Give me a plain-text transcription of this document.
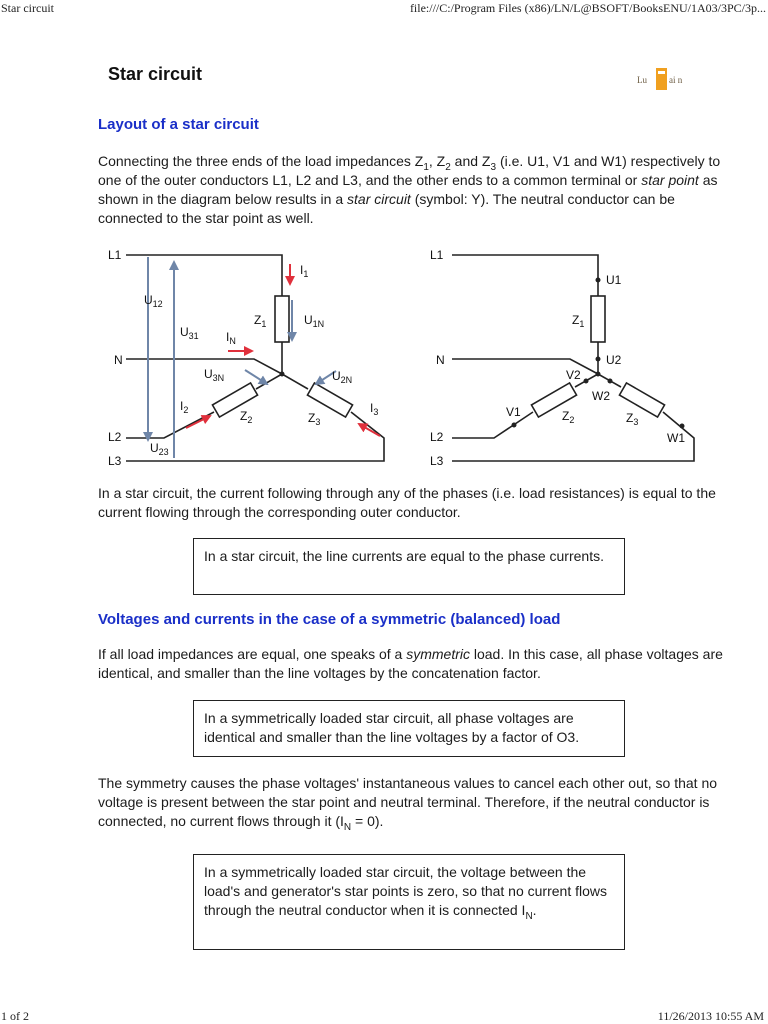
Star circuit	file:///C:/Program Files (x86)/LN/L@BSOFT/BooksENU/1A03/3PC/3p...
Star circuit	Lu ai n
Layout of a star circuit

Connecting the three ends of the load impedances $Z_1$, $Z_2$ and $Z_3$ (i.e. U1, V1 and W1) respectively to one of the outer conductors L1, L2 and L3, and the other ends to a common terminal or star point as shown in the diagram below results in a star circuit (symbol: Y). The neutral conductor can be connected to the star point as well.

L1
N
L2
L3
$Z_1$
$Z_2$	$Z_3$
$I_1$
$I_N$
$I_2$	$I_3$
$U_{12}$
$U_{31}$
$U_{23}$
$U_{1N}$
$U_{3N}$	$U_{2N}$
L1
N
L2
L3
U1
U2
V2
W2
V1
W1
$Z_1$
$Z_2$	$Z_3$

In a star circuit, the current following through any of the phases (i.e. load resistances) is equal to the current flowing through the corresponding outer conductor.

In a star circuit, the line currents are equal to the phase currents.
Voltages and currents in the case of a symmetric (balanced) load

If all load impedances are equal, one speaks of a symmetric load. In this case, all phase voltages are identical, and smaller than the line voltages by the concatenation factor.

In a symmetrically loaded star circuit, all phase voltages are identical and smaller than the line voltages by a factor of O3.

The symmetry causes the phase voltages' instantaneous values to cancel each other out, so that no voltage is present between the star point and neutral terminal. Therefore, if the neutral conductor is connected, no current flows through it $(I_N = 0)$.

In a symmetrically loaded star circuit, the voltage between the load's and generator's star points is zero, so that no current flows through the neutral conductor when it is connected $I_N$.
1 of 2	11/26/2013 10:55 AM
